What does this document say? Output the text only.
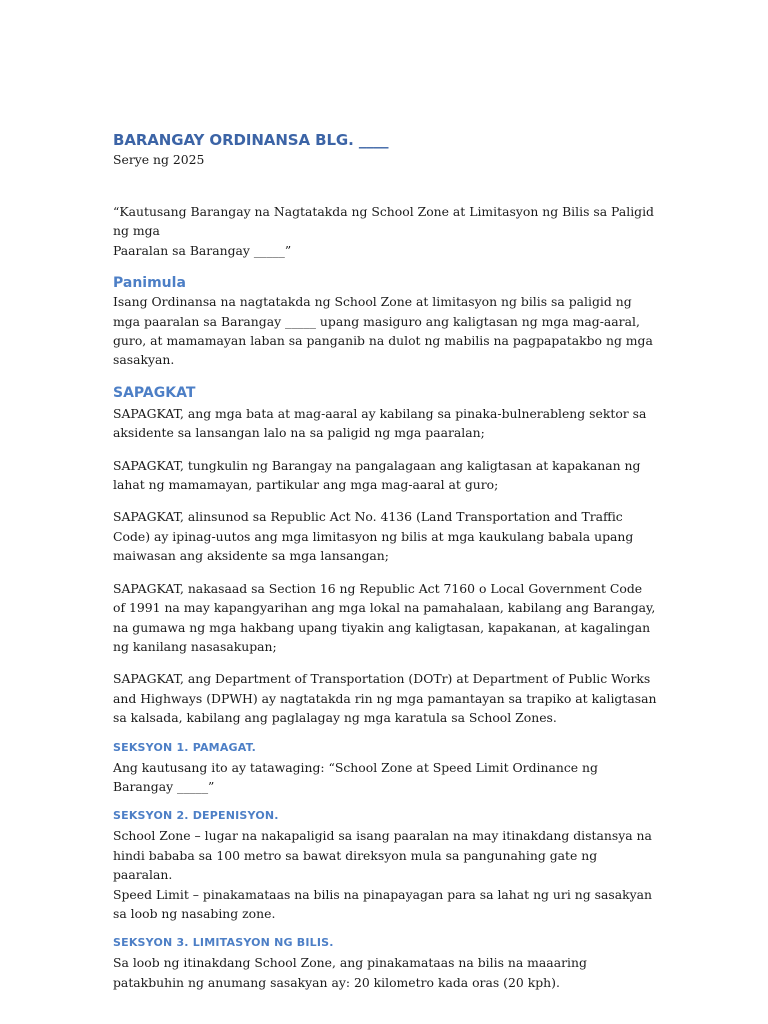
BARANGAY ORDINANSA BLG. ____

Serye ng 2025

“Kautusang Barangay na Nagtatakda ng School Zone at Limitasyon ng Bilis sa Paligid ng mga
Paaralan sa Barangay _____”
Panimula

Isang Ordinansa na nagtatakda ng School Zone at limitasyon ng bilis sa paligid ng mga paaralan sa Barangay _____ upang masiguro ang kaligtasan ng mga mag-aaral, guro, at mamamayan laban sa panganib na dulot ng mabilis na pagpapatakbo ng mga sasakyan.

SAPAGKAT

SAPAGKAT, ang mga bata at mag-aaral ay kabilang sa pinaka-bulnerableng sektor sa aksidente sa lansangan lalo na sa paligid ng mga paaralan;

SAPAGKAT, tungkulin ng Barangay na pangalagaan ang kaligtasan at kapakanan ng lahat ng mamamayan, partikular ang mga mag-aaral at guro;

SAPAGKAT, alinsunod sa Republic Act No. 4136 (Land Transportation and Traffic Code) ay ipinag-uutos ang mga limitasyon ng bilis at mga kaukulang babala upang maiwasan ang aksidente sa mga lansangan;

SAPAGKAT, nakasaad sa Section 16 ng Republic Act 7160 o Local Government Code of 1991 na may kapangyarihan ang mga lokal na pamahalaan, kabilang ang Barangay, na gumawa ng mga hakbang upang tiyakin ang kaligtasan, kapakanan, at kagalingan ng kanilang nasasakupan;

SAPAGKAT, ang Department of Transportation (DOTr) at Department of Public Works and Highways (DPWH) ay nagtatakda rin ng mga pamantayan sa trapiko at kaligtasan sa kalsada, kabilang ang paglalagay ng mga karatula sa School Zones.

SEKSYON 1. PAMAGAT.

Ang kautusang ito ay tatawaging: “School Zone at Speed Limit Ordinance ng Barangay _____”

SEKSYON 2. DEPENISYON.

School Zone – lugar na nakapaligid sa isang paaralan na may itinakdang distansya na hindi bababa sa 100 metro sa bawat direksyon mula sa pangunahing gate ng paaralan.

Speed Limit – pinakamataas na bilis na pinapayagan para sa lahat ng uri ng sasakyan sa loob ng nasabing zone.

SEKSYON 3. LIMITASYON NG BILIS.

Sa loob ng itinakdang School Zone, ang pinakamataas na bilis na maaaring patakbuhin ng anumang sasakyan ay: 20 kilometro kada oras (20 kph).
